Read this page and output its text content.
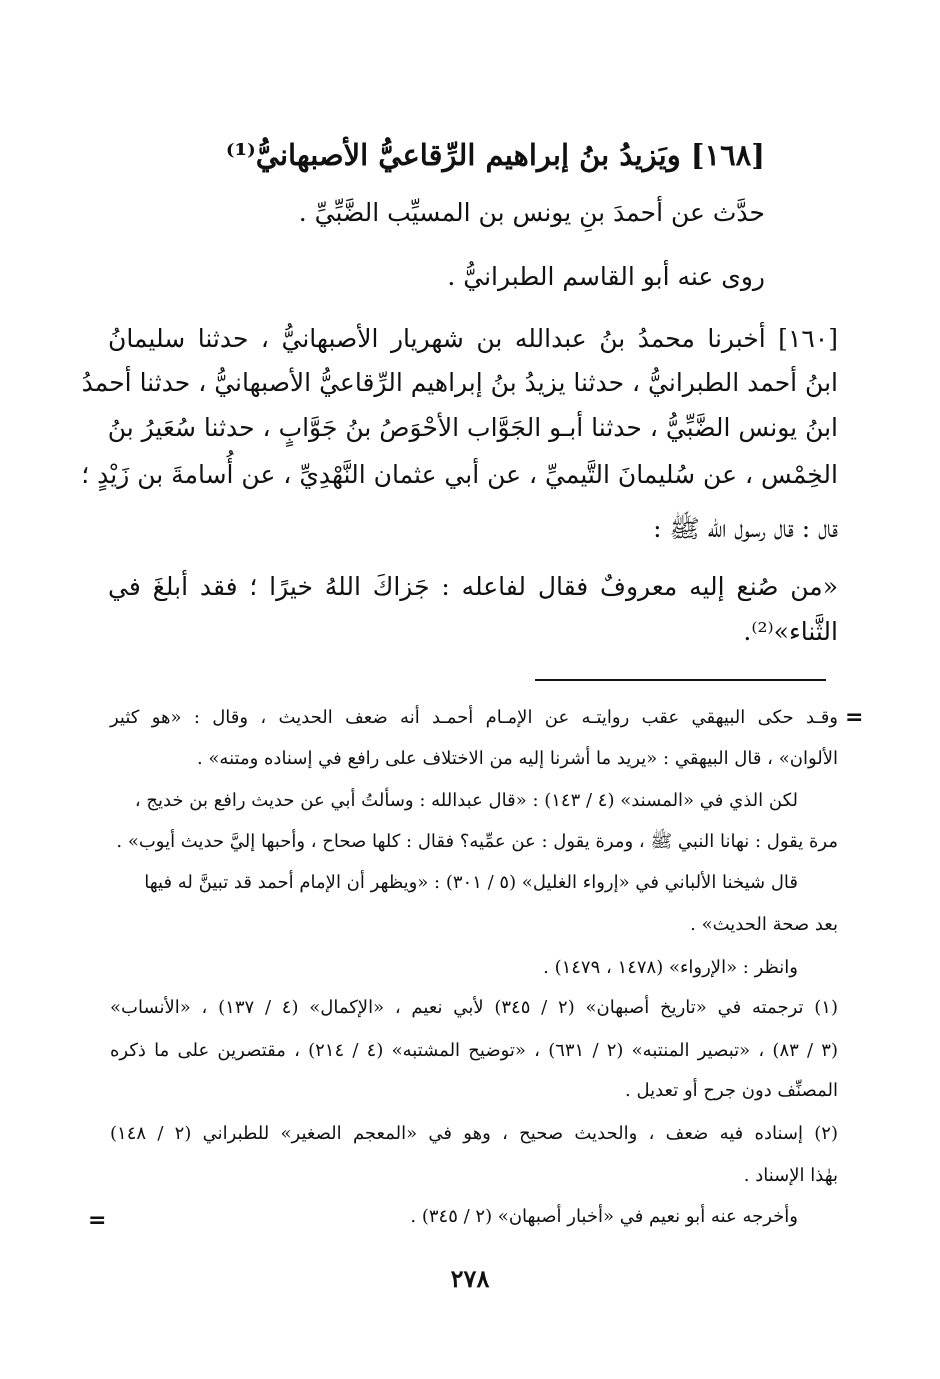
[١٦٨] ويَزيدُ بنُ إبراهيم الرِّقاعيُّ الأصبهانيُّ⁽¹⁾
حدَّث عن أحمدَ بنِ يونس بن المسيِّب الضَّبِّيِّ .
روى عنه أبو القاسم الطبرانيُّ .
[١٦٠] أخبرنا محمدُ بنُ عبدالله بن شهريار الأصبهانيُّ ، حدثنا سليمانُ
ابنُ أحمد الطبرانيُّ ، حدثنا يزيدُ بنُ إبراهيم الرِّقاعيُّ الأصبهانيُّ ، حدثنا أحمدُ
ابنُ يونس الضَّبِّيُّ ، حدثنا أبـو الجَوَّاب الأحْوَصُ بنُ جَوَّابٍ ، حدثنا سُعَيرُ بنُ
الخِمْس ، عن سُليمانَ التَّيميِّ ، عن أبي عثمان النَّهْدِيِّ ، عن أُسامةَ بن زَيْدٍ ؛
قال : قال رسول الله ﷺ :
«من صُنع إليه معروفٌ فقال لفاعله : جَزاكَ اللهُ خيرًا ؛ فقد أبلغَ في
الثَّناء»⁽²⁾.
=
وقـد حكى البيهقي عقب روايتـه عن الإمـام أحمـد أنه ضعف الحديث ، وقال : «هو كثير
الألوان» ، قال البيهقي : «يريد ما أشرنا إليه من الاختلاف على رافع في إسناده ومتنه» .
لكن الذي في «المسند» (٤ / ١٤٣) : «قال عبدالله : وسألتُ أبي عن حديث رافع بن خديج ،
مرة يقول : نهانا النبي ﷺ ، ومرة يقول : عن عمِّيه؟ فقال : كلها صحاح ، وأحبها إليَّ حديث أيوب» .
قال شيخنا الألباني في «إرواء الغليل» (٥ / ٣٠١) : «ويظهر أن الإمام أحمد قد تبينَّ له فيها
بعد صحة الحديث» .
وانظر : «الإرواء» (١٤٧٨ ، ١٤٧٩) .
(١) ترجمته في «تاريخ أصبهان» (٢ / ٣٤٥) لأبي نعيم ، «الإكمال» (٤ / ١٣٧) ، «الأنساب»
(٣ / ٨٣) ، «تبصير المنتبه» (٢ / ٦٣١) ، «توضيح المشتبه» (٤ / ٢١٤) ، مقتصرين على ما ذكره
المصنِّف دون جرح أو تعديل .
(٢) إسناده فيه ضعف ، والحديث صحيح ، وهو في «المعجم الصغير» للطبراني (٢ / ١٤٨)
بهٰذا الإسناد .
وأخرجه عنه أبو نعيم في «أخبار أصبهان» (٢ / ٣٤٥) .
=
٢٧٨
